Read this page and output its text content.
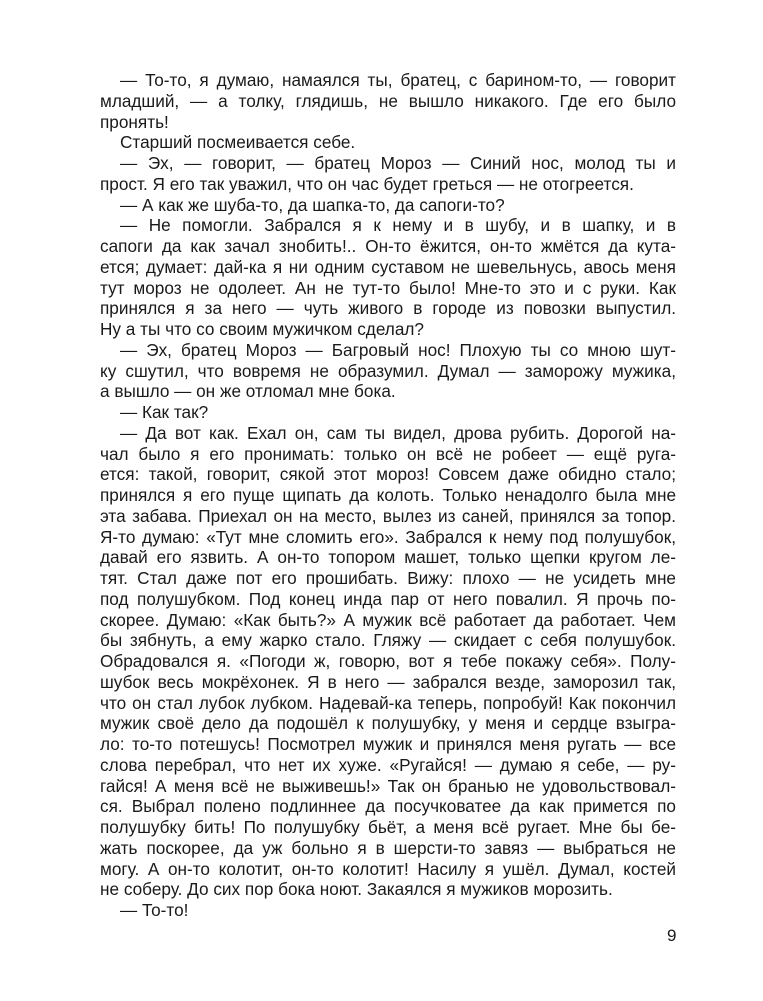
— То-то, я думаю, намаялся ты, братец, с барином-то, — говорит
младший, — а толку, глядишь, не вышло никакого. Где его было
пронять!
Старший посмеивается себе.
— Эх, — говорит, — братец Мороз — Синий нос, молод ты и
прост. Я его так уважил, что он час будет греться — не отогреется.
— А как же шуба-то, да шапка-то, да сапоги-то?
— Не помогли. Забрался я к нему и в шубу, и в шапку, и в
сапоги да как зачал знобить!.. Он-то ёжится, он-то жмётся да кута-
ется; думает: дай-ка я ни одним суставом не шевельнусь, авось меня
тут мороз не одолеет. Ан не тут-то было! Мне-то это и с руки. Как
принялся я за него — чуть живого в городе из повозки выпустил.
Ну а ты что со своим мужичком сделал?
— Эх, братец Мороз — Багровый нос! Плохую ты со мною шут-
ку сшутил, что вовремя не образумил. Думал — заморожу мужика,
а вышло — он же отломал мне бока.
— Как так?
— Да вот как. Ехал он, сам ты видел, дрова рубить. Дорогой на-
чал было я его пронимать: только он всё не робеет — ещё руга-
ется: такой, говорит, сякой этот мороз! Совсем даже обидно стало;
принялся я его пуще щипать да колоть. Только ненадолго была мне
эта забава. Приехал он на место, вылез из саней, принялся за топор.
Я-то думаю: «Тут мне сломить его». Забрался к нему под полушубок,
давай его язвить. А он-то топором машет, только щепки кругом ле-
тят. Стал даже пот его прошибать. Вижу: плохо — не усидеть мне
под полушубком. Под конец инда пар от него повалил. Я прочь по-
скорее. Думаю: «Как быть?» А мужик всё работает да работает. Чем
бы зябнуть, а ему жарко стало. Гляжу — скидает с себя полушубок.
Обрадовался я. «Погоди ж, говорю, вот я тебе покажу себя». Полу-
шубок весь мокрёхонек. Я в него — забрался везде, заморозил так,
что он стал лубок лубком. Надевай-ка теперь, попробуй! Как покончил
мужик своё дело да подошёл к полушубку, у меня и сердце взыгра-
ло: то-то потешусь! Посмотрел мужик и принялся меня ругать — все
слова перебрал, что нет их хуже. «Ругайся! — думаю я себе, — ру-
гайся! А меня всё не выживешь!» Так он бранью не удовольствовал-
ся. Выбрал полено подлиннее да посучковатее да как примется по
полушубку бить! По полушубку бьёт, а меня всё ругает. Мне бы бе-
жать поскорее, да уж больно я в шерсти-то завяз — выбраться не
могу. А он-то колотит, он-то колотит! Насилу я ушёл. Думал, костей
не соберу. До сих пор бока ноют. Закаялся я мужиков морозить.
— То-то!
9
